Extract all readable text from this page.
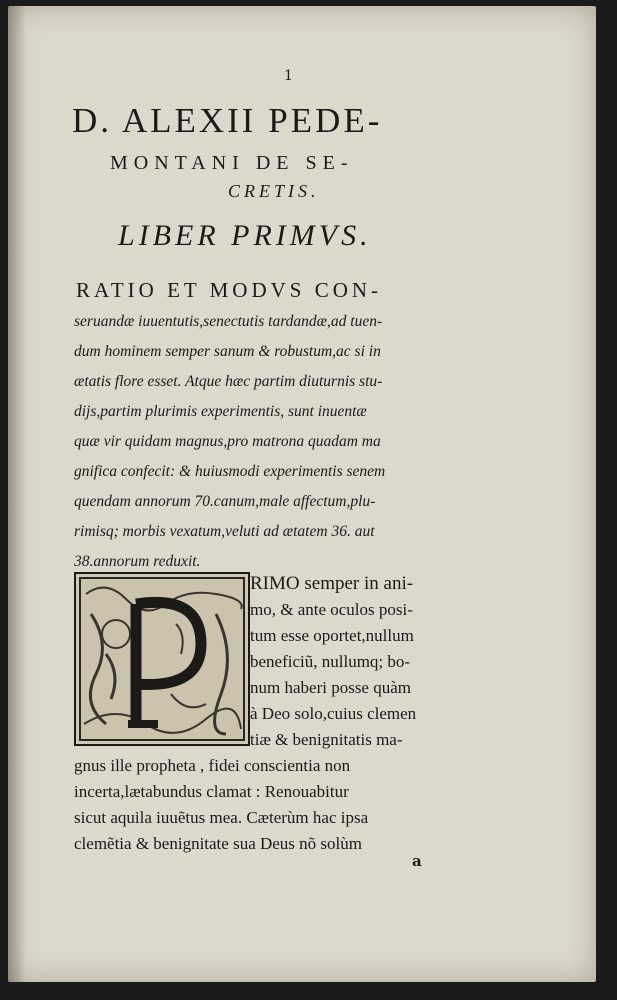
1
D. ALEXII PEDE-
MONTANI DE SE-
CRETIS.
LIBER PRIMVS.
RATIO ET MODVS CON-
seruandæ iuuentutis,senectutis tardandæ,ad tuen-
dum hominem semper sanum & robustum,ac si in
ætatis flore esset. Atque hæc partim diuturnis stu-
dijs,partim plurimis experimentis, sunt inuentæ
quæ vir quidam magnus,pro matrona quadam ma
gnifica confecit: & huiusmodi experimentis senem
quendam annorum 70.canum,male affectum,plu-
rimisq; morbis vexatum,veluti ad ætatem 36. aut
38.annorum reduxit.
RIMO semper in ani-
mo, & ante oculos posi-
tum esse oportet,nullum
beneficiũ, nullumq; bo-
num haberi posse quàm
à Deo solo,cuius clemen
tiæ & benignitatis ma-
gnus ille propheta , fidei conscientia non
incerta,lætabundus clamat : Renouabitur
sicut aquila iuuẽtus mea. Cæterùm hac ipsa
clemẽtia & benignitate sua Deus nõ solùm
a
